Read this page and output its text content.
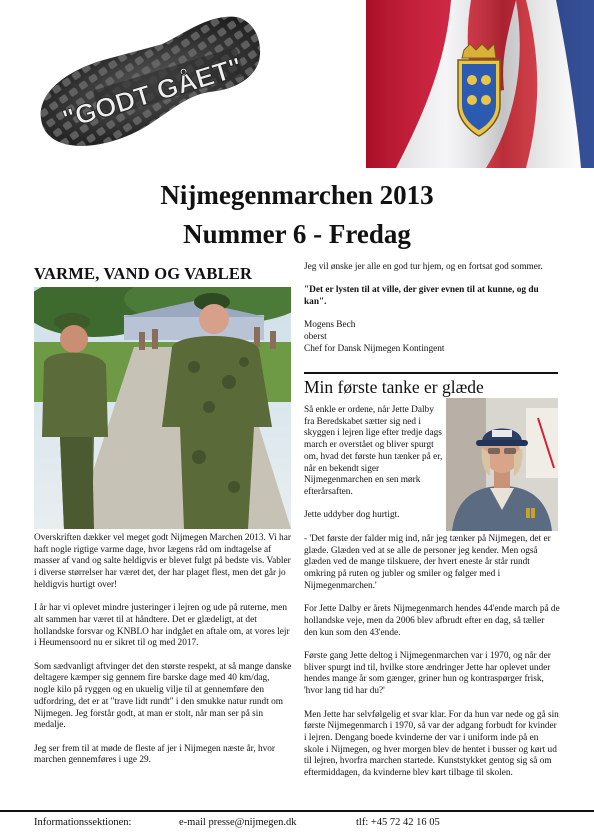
"GODT GÅET"
Nijmegenmarchen 2013
Nummer 6 - Fredag
VARME, VAND OG VABLER

Overskriften dækker vel meget godt Nijmegen Marchen 2013. Vi har haft nogle rigtige varme dage, hvor lægens råd om indtagelse af masser af vand og salte heldigvis er blevet fulgt på bedste vis. Vabler i diverse størrelser har været det, der har plaget flest, men det går jo heldigvis hurtigt over!

I år har vi oplevet mindre justeringer i lejren og ude på ruterne, men alt sammen har været til at håndtere. Det er glædeligt, at det hollandske forsvar og KNBLO har indgået en aftale om, at vores lejr i Heumensoord nu er sikret til og med 2017.

Som sædvanligt aftvinger det den største respekt, at så mange danske deltagere kæmper sig gennem fire barske dage med 40 km/dag, nogle kilo på ryggen og en ukuelig vilje til at gennemføre den udfordring, det er at "trave lidt rundt" i den smukke natur rundt om Nijmegen. Jeg forstår godt, at man er stolt, når man ser på sin medalje.

Jeg ser frem til at møde de fleste af jer i Nijmegen næste år, hvor marchen gennemføres i uge 29.

Jeg vil ønske jer alle en god tur hjem, og en fortsat god sommer.

"Det er lysten til at ville, der giver evnen til at kunne, og du kan".

Mogens Bech

oberst

Chef for Dansk Nijmegen Kontingent

Min første tanke er glæde

Så enkle er ordene, når Jette Dalby fra Beredskabet sætter sig ned i skyggen i lejren lige efter tredje dags march er overstået og bliver spurgt om, hvad det første hun tænker på er, når en bekendt siger Nijmegenmarchen en sen mørk efterårsaften.

Jette uddyber dog hurtigt.

- 'Det første der falder mig ind, når jeg tænker på Nijmegen, det er glæde. Glæden ved at se alle de personer jeg kender. Men også glæden ved de mange tilskuere, der hvert eneste år står rundt omkring på ruten og jubler og smiler og følger med i Nijmegenmarchen.'

For Jette Dalby er årets Nijmegenmarch hendes 44'ende march på de hollandske veje, men da 2006 blev afbrudt efter en dag, så tæller den kun som den 43'ende.

Første gang Jette deltog i Nijmegenmarchen var i 1970, og når der bliver spurgt ind til, hvilke store ændringer Jette har oplevet under hendes mange år som gænger, griner hun og kontraspørger frisk, 'hvor lang tid har du?'

Men Jette har selvfølgelig et svar klar. For da hun var nede og gå sin første Nijmegenmarch i 1970, så var der adgang forbudt for kvinder i lejren. Dengang boede kvinderne der var i uniform inde på en skole i Nijmegen, og hver morgen blev de hentet i busser og kørt ud til lejren, hvorfra marchen startede. Kunststykket gentog sig så om eftermiddagen, da kvinderne blev kørt tilbage til skolen.

Informationssektionen:	e-mail presse@nijmegen.dk	tlf: +45 72 42 16 05
